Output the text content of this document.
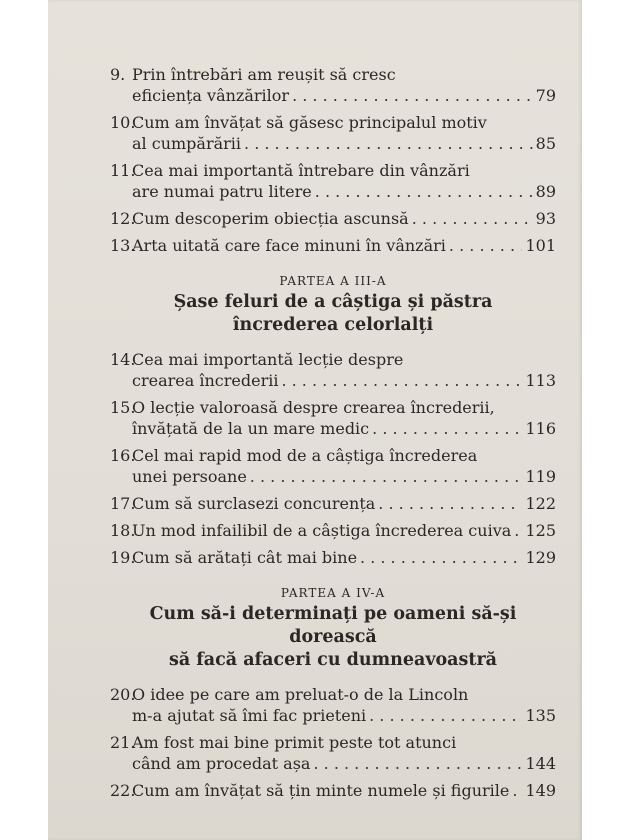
9. Prin întrebări am reușit să cresc
eficiența vânzărilor . . .	79
10.Cum am învățat să găsesc principalul motiv
al cumpărării . . .	85
11.Cea mai importantă întrebare din vânzări
are numai patru litere . . .	89
12.
Cum descoperim obiecția ascunsă . . .	93
13.
Arta uitată care face minuni în vânzări . . .	101
PARTEA A III-A
Șase feluri de a câștiga și păstra
încrederea celorlalți
14.Cea mai importantă lecție despre
crearea încrederii . . .	113
15.O lecție valoroasă despre crearea încrederii,
învățată de la un mare medic . . .	116
16.Cel mai rapid mod de a câștiga încrederea
unei persoane . . .	119
17.
Cum să surclasezi concurența . . .	122
18.
Un mod infailibil de a câștiga încrederea cuiva . . . 125
19.
Cum să arătați cât mai bine . . .	129
PARTEA A IV-A
Cum să-i determinați pe oameni să-și dorească
să facă afaceri cu dumneavoastră
20.O idee pe care am preluat-o de la Lincoln
m-a ajutat să îmi fac prieteni . . .	135
21.Am fost mai bine primit peste tot atunci
când am procedat așa . . .	144
22.
Cum am învățat să țin minte numele și figurile . . . 149
